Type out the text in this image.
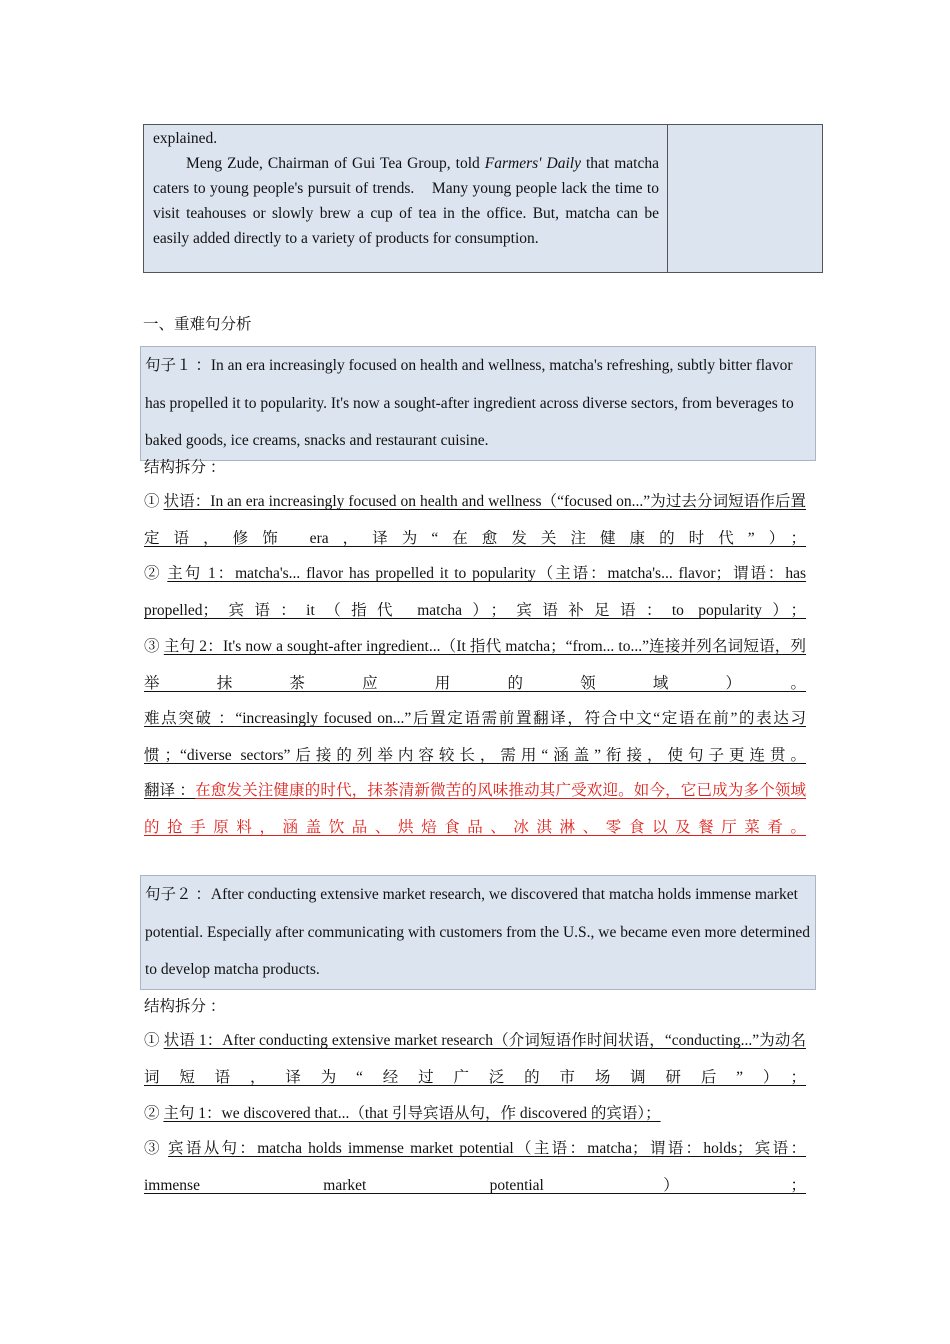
explained.
Meng Zude, Chairman of Gui Tea Group, told Farmers' Daily that matcha caters to young people's pursuit of trends.    Many young people lack the time to visit teahouses or slowly brew a cup of tea in the office. But, matcha can be easily added directly to a variety of products for consumption.
一、重难句分析
句子１ ：In an era increasingly focused on health and wellness, matcha's refreshing, subtly bitter flavor has propelled it to popularity. It's now a sought-after ingredient across diverse sectors, from beverages to baked goods, ice creams, snacks and restaurant cuisine.
结构拆分 ：
① 状语：In an era increasingly focused on health and wellness（“focused on...”为过去分词短语作后置定语，修饰 era，译为“在愈发关注健康的时代”）；
② 主句 1：matcha's... flavor has propelled it to popularity（主语：matcha's... flavor；谓语：has propelled；宾语：it（指代 matcha）；宾语补足语：to popularity）；
③ 主句 2：It's now a sought-after ingredient...（It 指代 matcha；“from... to...”连接并列名词短语，列举抹茶应用的领域）。
难点突破 ：“increasingly focused on...”后置定语需前置翻译，符合中文“定语在前”的表达习惯；“diverse sectors”后接的列举内容较长，需用“涵盖”衔接，使句子更连贯。
翻译 ：在愈发关注健康的时代，抹茶清新微苦的风味推动其广受欢迎。如今，它已成为多个领域的抢手原料，涵盖饮品、烘焙食品、冰淇淋、零食以及餐厅菜肴。
句子２ ：After conducting extensive market research, we discovered that matcha holds immense market potential. Especially after communicating with customers from the U.S., we became even more determined to develop matcha products.
结构拆分 ：
① 状语 1：After conducting extensive market research（介词短语作时间状语，“conducting...”为动名词短语，译为“经过广泛的市场调研后”）；
② 主句 1：we discovered that...（that 引导宾语从句，作 discovered 的宾语）；
③ 宾语从句：matcha holds immense market potential（主语：matcha；谓语：holds；宾语：immense market potential）；
